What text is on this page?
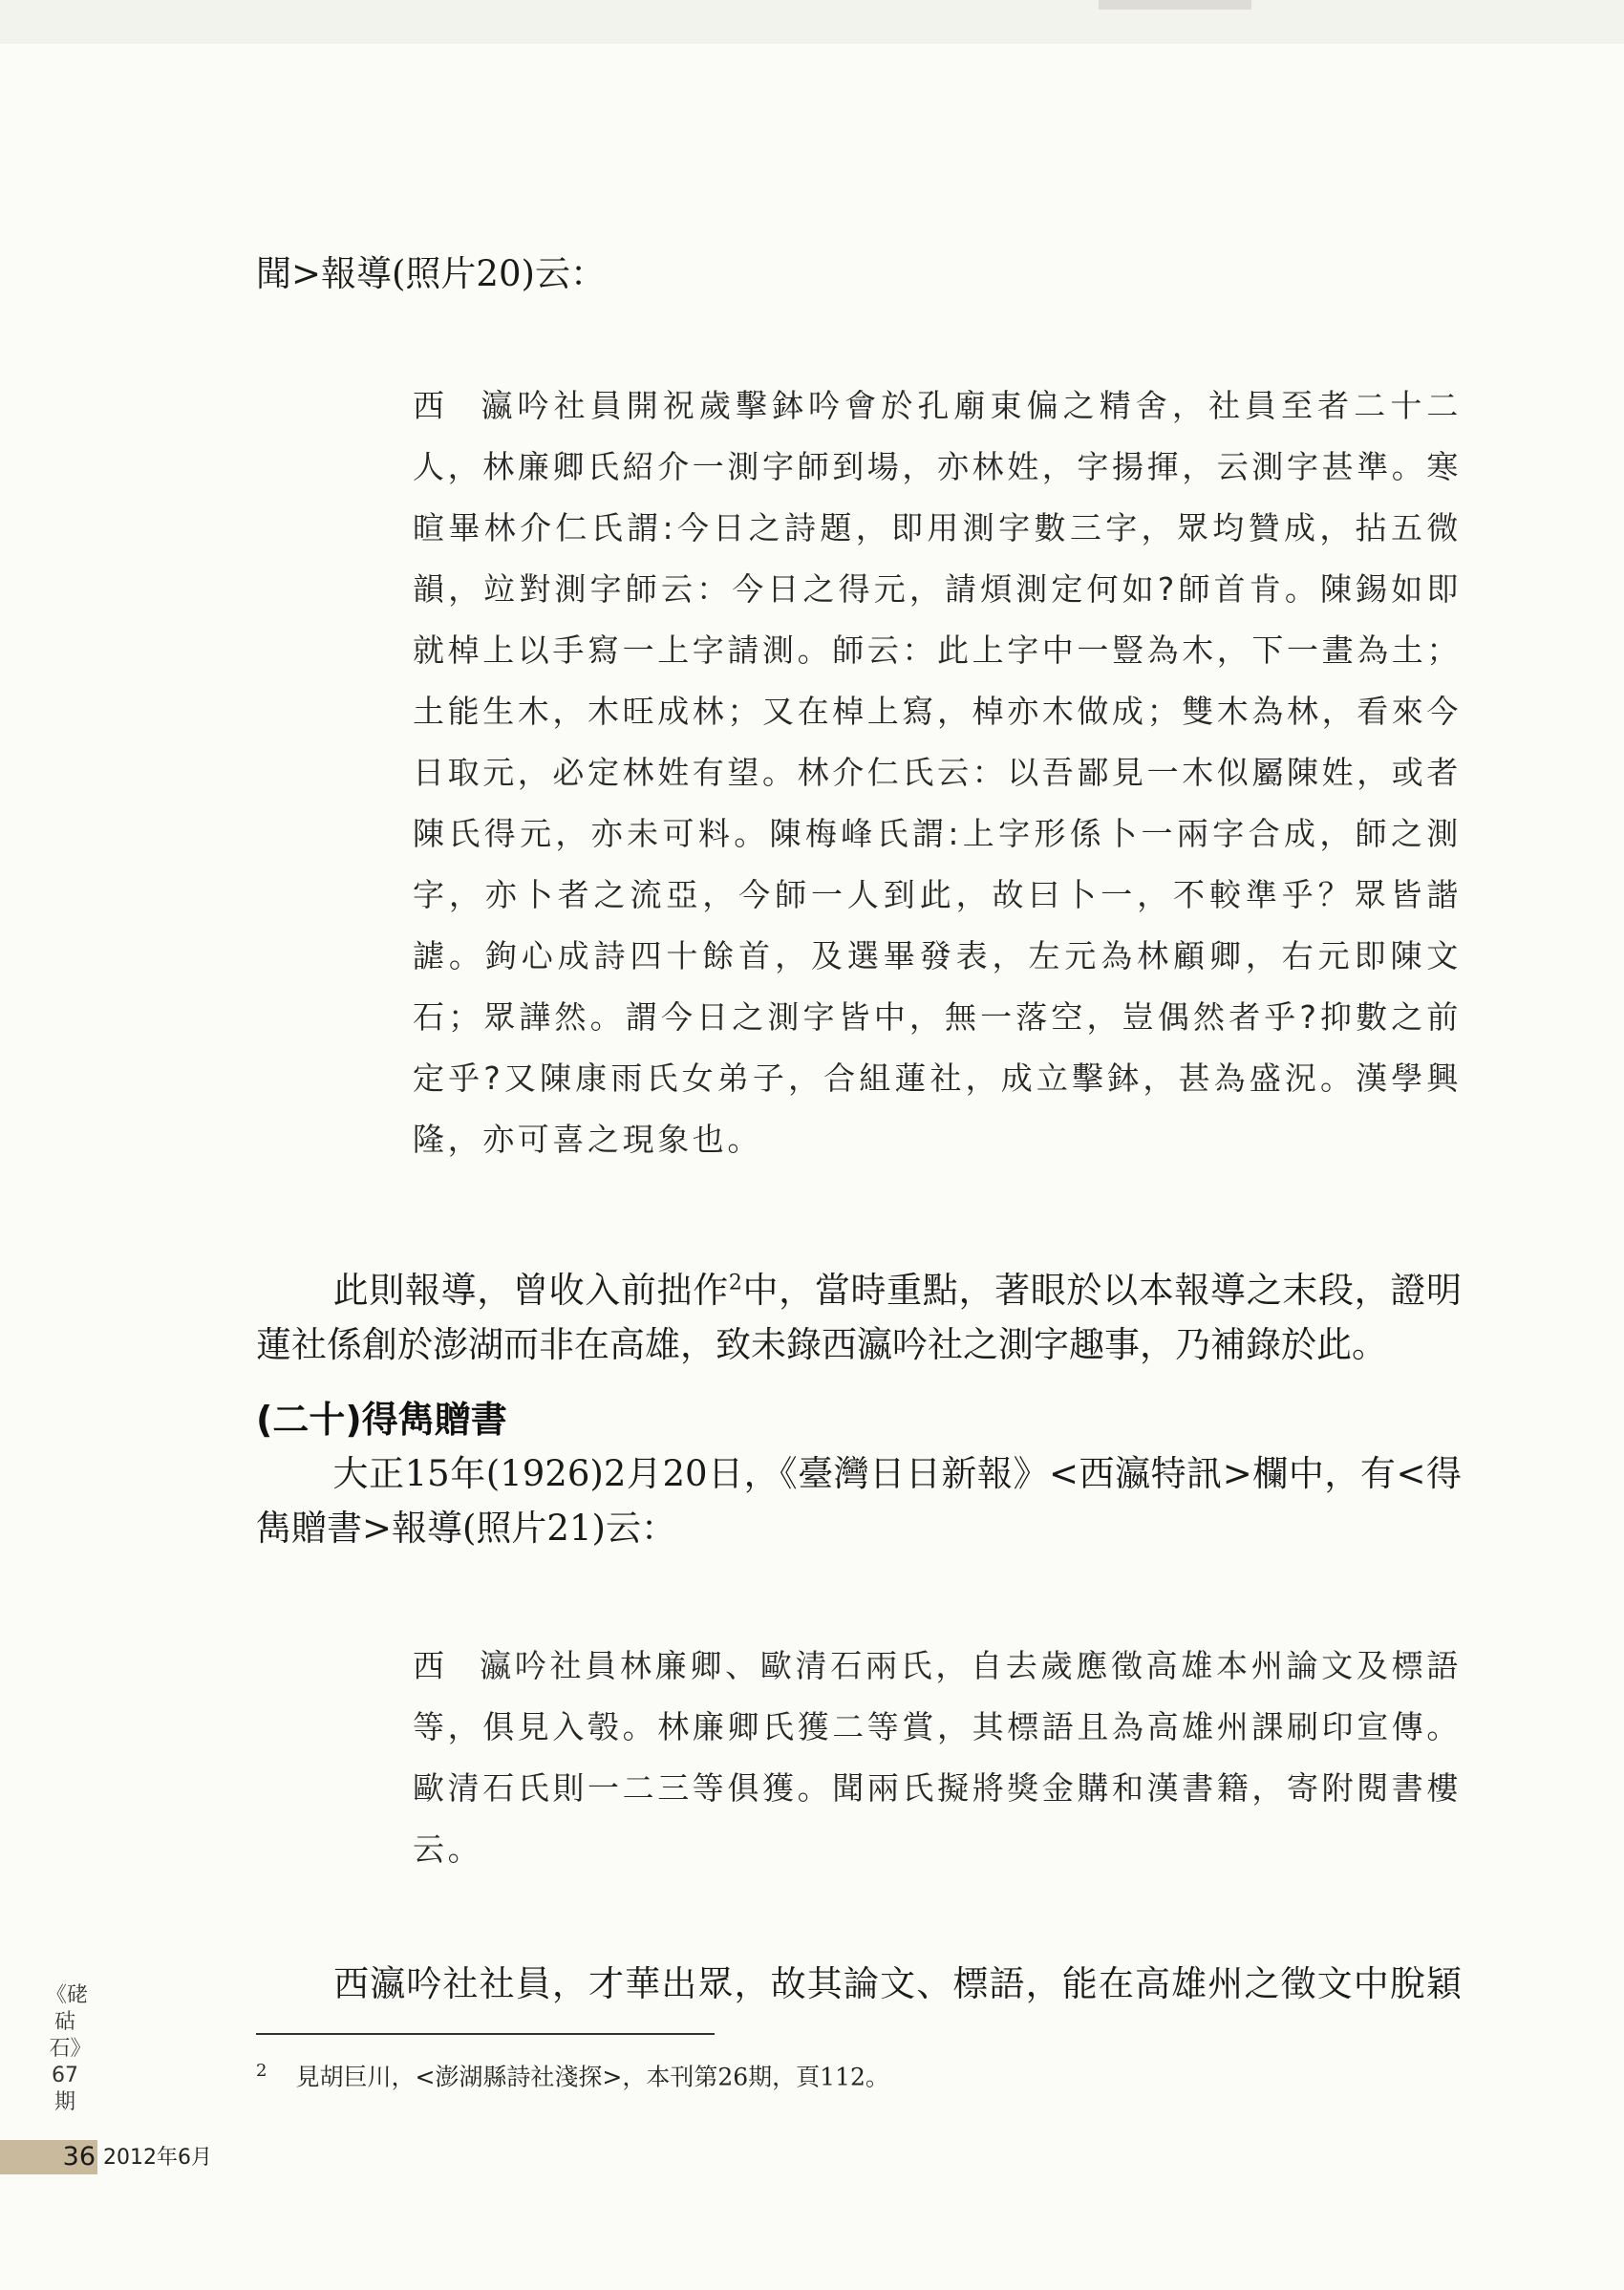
聞>報導(照片20)云：

西 瀛吟社員開祝歲擊鉢吟會於孔廟東偏之精舍，社員至者二十二人，林廉卿氏紹介一測字師到場，亦林姓，字揚揮，云測字甚準。寒暄畢林介仁氏謂:今日之詩題，即用測字數三字，眾均贊成，拈五微韻，竝對測字師云：今日之得元，請煩測定何如?師首肯。陳錫如即就棹上以手寫一上字請測。師云：此上字中一豎為木，下一畫為土；土能生木，木旺成林；又在棹上寫，棹亦木做成；雙木為林，看來今日取元，必定林姓有望。林介仁氏云：以吾鄙見一木似屬陳姓，或者陳氏得元，亦未可料。陳梅峰氏謂:上字形係卜一兩字合成，師之測字，亦卜者之流亞，今師一人到此，故曰卜一，不較準乎？眾皆諧謔。鉤心成詩四十餘首，及選畢發表，左元為林顧卿，右元即陳文石；眾譁然。謂今日之測字皆中，無一落空，豈偶然者乎?抑數之前定乎?又陳康雨氏女弟子，合組蓮社，成立擊鉢，甚為盛況。漢學興隆，亦可喜之現象也。

此則報導，曾收入前拙作$^2$中，當時重點，著眼於以本報導之末段，證明蓮社係創於澎湖而非在高雄，致未錄西瀛吟社之測字趣事，乃補錄於此。

(二十)得雋贈書

大正15年(1926)2月20日，《臺灣日日新報》<西瀛特訊>欄中，有<得雋贈書>報導(照片21)云：

西 瀛吟社員林廉卿、歐清石兩氏，自去歲應徵高雄本州論文及標語等，俱見入彀。林廉卿氏獲二等賞，其標語且為高雄州課刷印宣傳。歐清石氏則一二三等俱獲。聞兩氏擬將獎金購和漢書籍，寄附閱書樓云。

西瀛吟社社員，才華出眾，故其論文、標語，能在高雄州之徵文中脫穎

$^2$ 見胡巨川，<澎湖縣詩社淺探>，本刊第26期，頁112。

《硓𥑮石》67期
36 2012年6月
